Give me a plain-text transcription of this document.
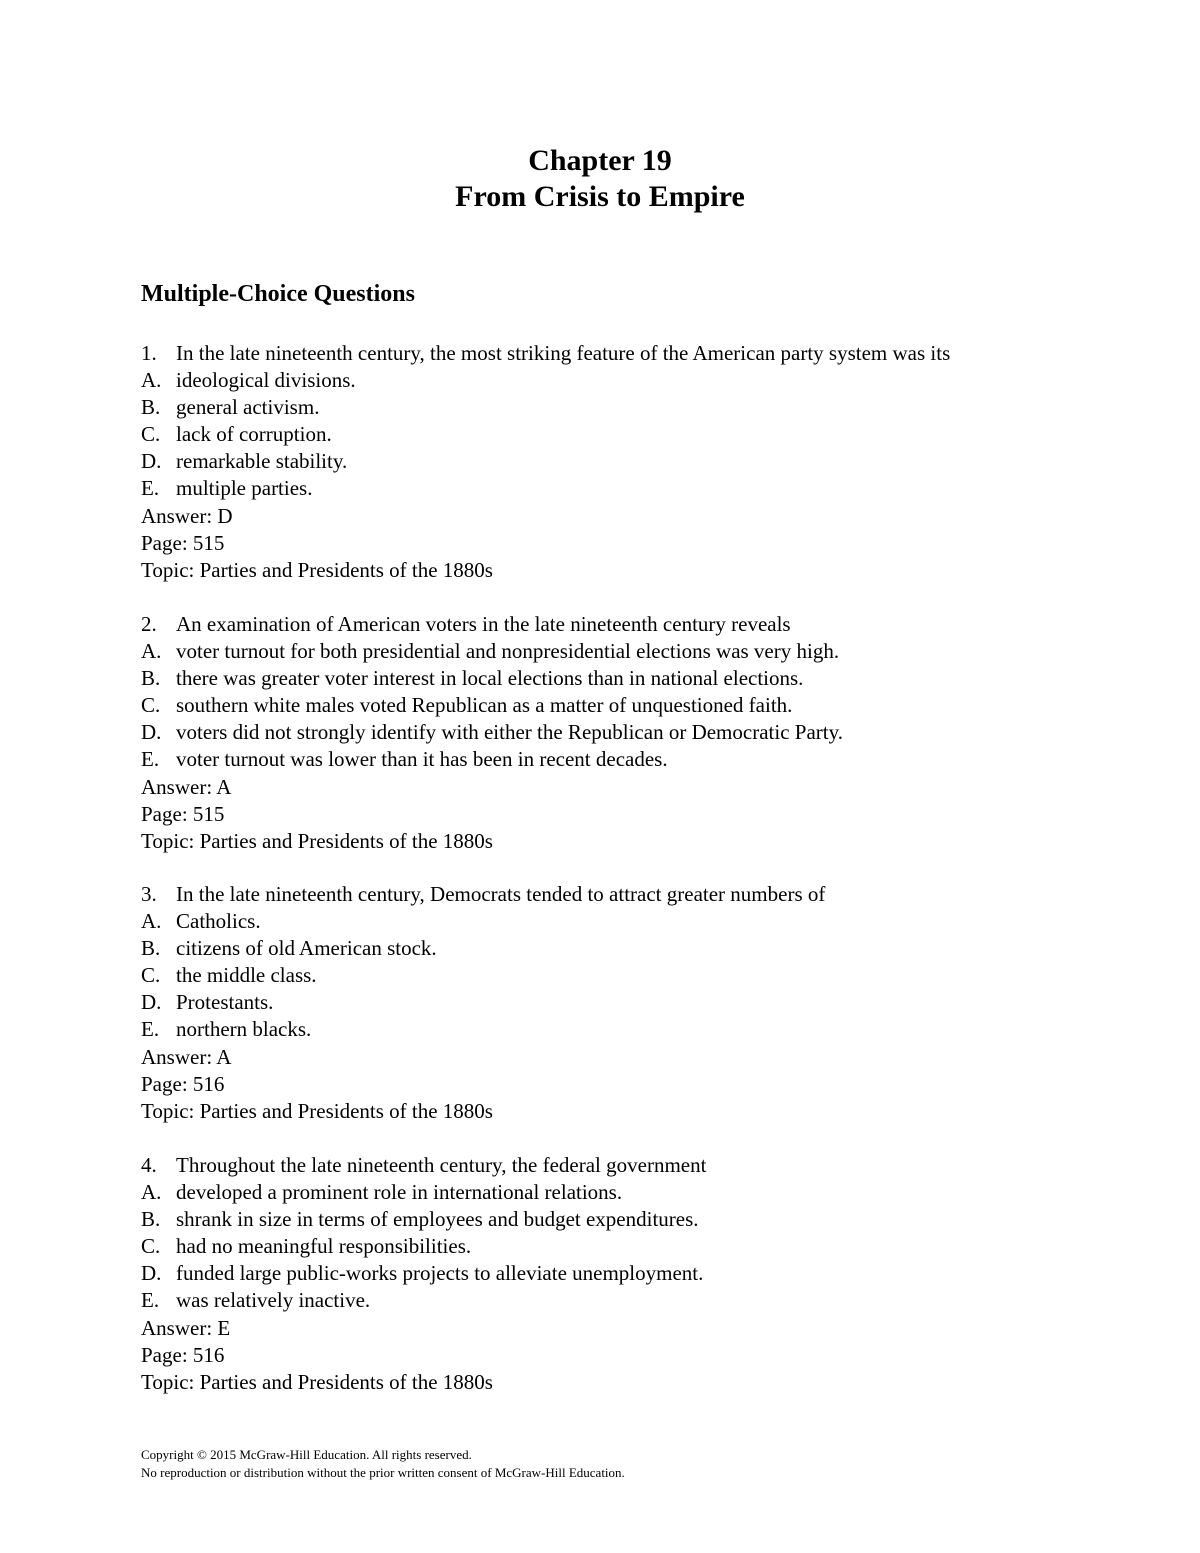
Chapter 19
From Crisis to Empire
Multiple-Choice Questions
1. In the late nineteenth century, the most striking feature of the American party system was its
A. ideological divisions.
B. general activism.
C. lack of corruption.
D. remarkable stability.
E. multiple parties.
Answer: D
Page: 515
Topic: Parties and Presidents of the 1880s
2. An examination of American voters in the late nineteenth century reveals
A. voter turnout for both presidential and nonpresidential elections was very high.
B. there was greater voter interest in local elections than in national elections.
C. southern white males voted Republican as a matter of unquestioned faith.
D. voters did not strongly identify with either the Republican or Democratic Party.
E. voter turnout was lower than it has been in recent decades.
Answer: A
Page: 515
Topic: Parties and Presidents of the 1880s
3. In the late nineteenth century, Democrats tended to attract greater numbers of
A. Catholics.
B. citizens of old American stock.
C. the middle class.
D. Protestants.
E. northern blacks.
Answer: A
Page: 516
Topic: Parties and Presidents of the 1880s
4. Throughout the late nineteenth century, the federal government
A. developed a prominent role in international relations.
B. shrank in size in terms of employees and budget expenditures.
C. had no meaningful responsibilities.
D. funded large public-works projects to alleviate unemployment.
E. was relatively inactive.
Answer: E
Page: 516
Topic: Parties and Presidents of the 1880s
Copyright © 2015 McGraw-Hill Education. All rights reserved.
No reproduction or distribution without the prior written consent of McGraw-Hill Education.
